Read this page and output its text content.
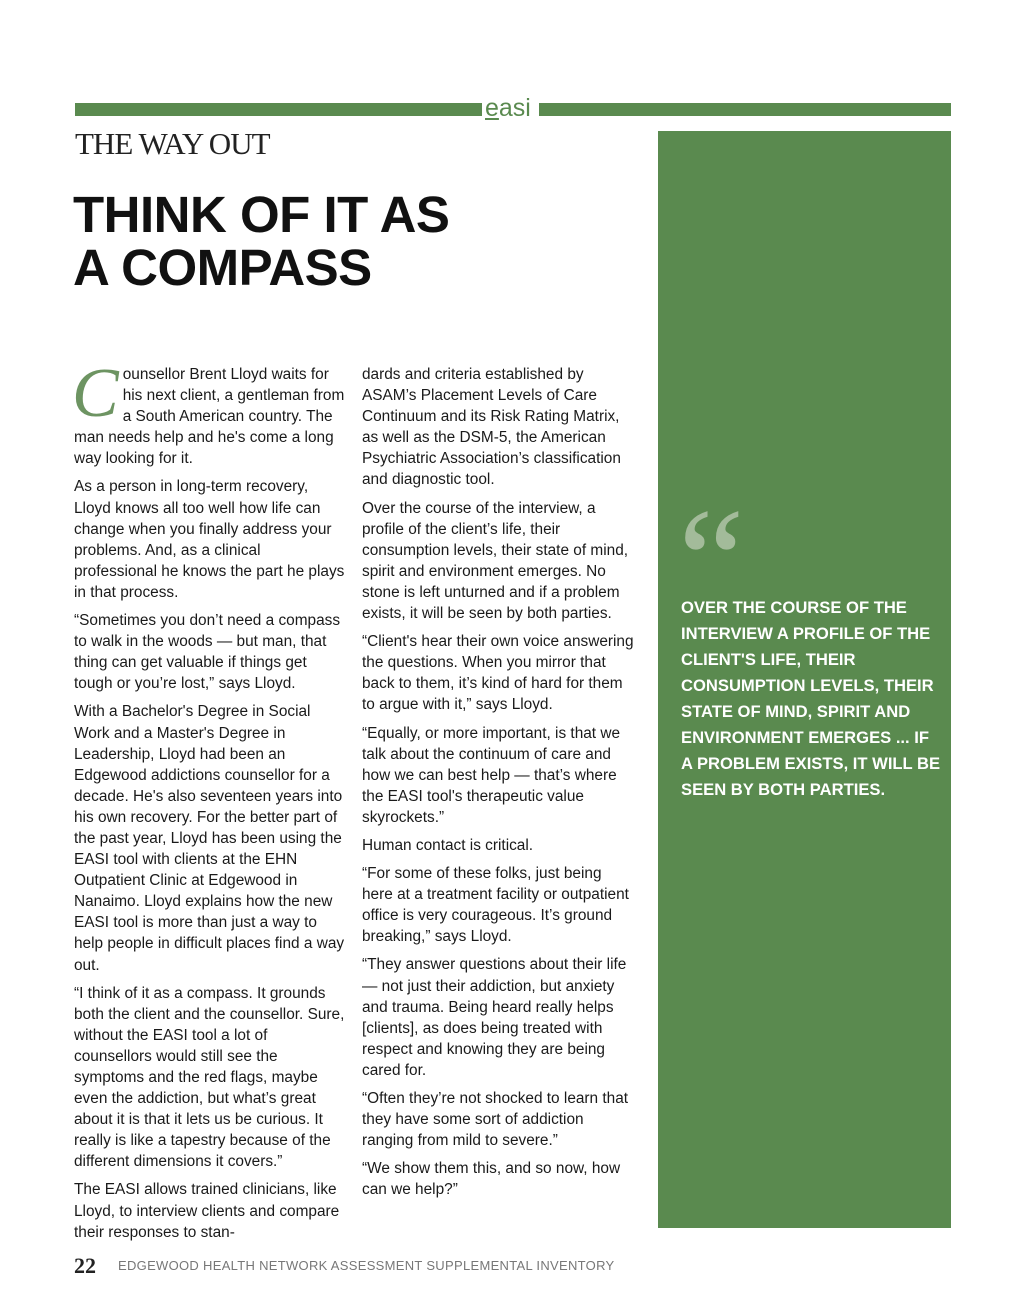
easi
THE WAY OUT
THINK OF IT AS
A COMPASS

Counsellor Brent Lloyd waits for his next client, a gentleman from a South American country. The man needs help and he's come a long way looking for it.

As a person in long-term recovery, Lloyd knows all too well how life can change when you finally address your problems. And, as a clinical professional he knows the part he plays in that process.

“Sometimes you don’t need a compass to walk in the woods — but man, that thing can get valuable if things get tough or you’re lost,” says Lloyd.

With a Bachelor's Degree in Social Work and a Master's Degree in Leadership, Lloyd had been an Edgewood addictions counsellor for a decade. He's also seventeen years into his own recovery. For the better part of the past year, Lloyd has been using the EASI tool with clients at the EHN Outpatient Clinic at Edgewood in Nanaimo. Lloyd explains how the new EASI tool is more than just a way to help people in difficult places find a way out.

“I think of it as a compass. It grounds both the client and the counsellor. Sure, without the EASI tool a lot of counsellors would still see the symptoms and the red flags, maybe even the addiction, but what’s great about it is that it lets us be curious. It really is like a tapestry because of the different dimensions it covers.”

The EASI allows trained clinicians, like Lloyd, to interview clients and compare their responses to stan-

dards and criteria established by ASAM’s Placement Levels of Care Continuum and its Risk Rating Matrix, as well as the DSM-5, the American Psychiatric Association’s classification and diagnostic tool.

Over the course of the interview, a profile of the client’s life, their consumption levels, their state of mind, spirit and environment emerges. No stone is left unturned and if a problem exists, it will be seen by both parties.

“Client's hear their own voice answering the questions. When you mirror that back to them, it’s kind of hard for them to argue with it,” says Lloyd.

“Equally, or more important, is that we talk about the continuum of care and how we can best help — that’s where the EASI tool's therapeutic value skyrockets.”

Human contact is critical.

“For some of these folks, just being here at a treatment facility or outpatient office is very courageous. It’s ground breaking,” says Lloyd.

“They answer questions about their life — not just their addiction, but anxiety and trauma. Being heard really helps [clients], as does being treated with respect and knowing they are being cared for.

“Often they’re not shocked to learn that they have some sort of addiction ranging from mild to severe.”

“We show them this, and so now, how can we help?”

“
OVER THE COURSE OF THE INTERVIEW A PROFILE OF THE CLIENT'S LIFE, THEIR CONSUMPTION LEVELS, THEIR STATE OF MIND, SPIRIT AND ENVIRONMENT EMERGES ... IF A PROBLEM EXISTS, IT WILL BE SEEN BY BOTH PARTIES.
22 EDGEWOOD HEALTH NETWORK ASSESSMENT SUPPLEMENTAL INVENTORY
